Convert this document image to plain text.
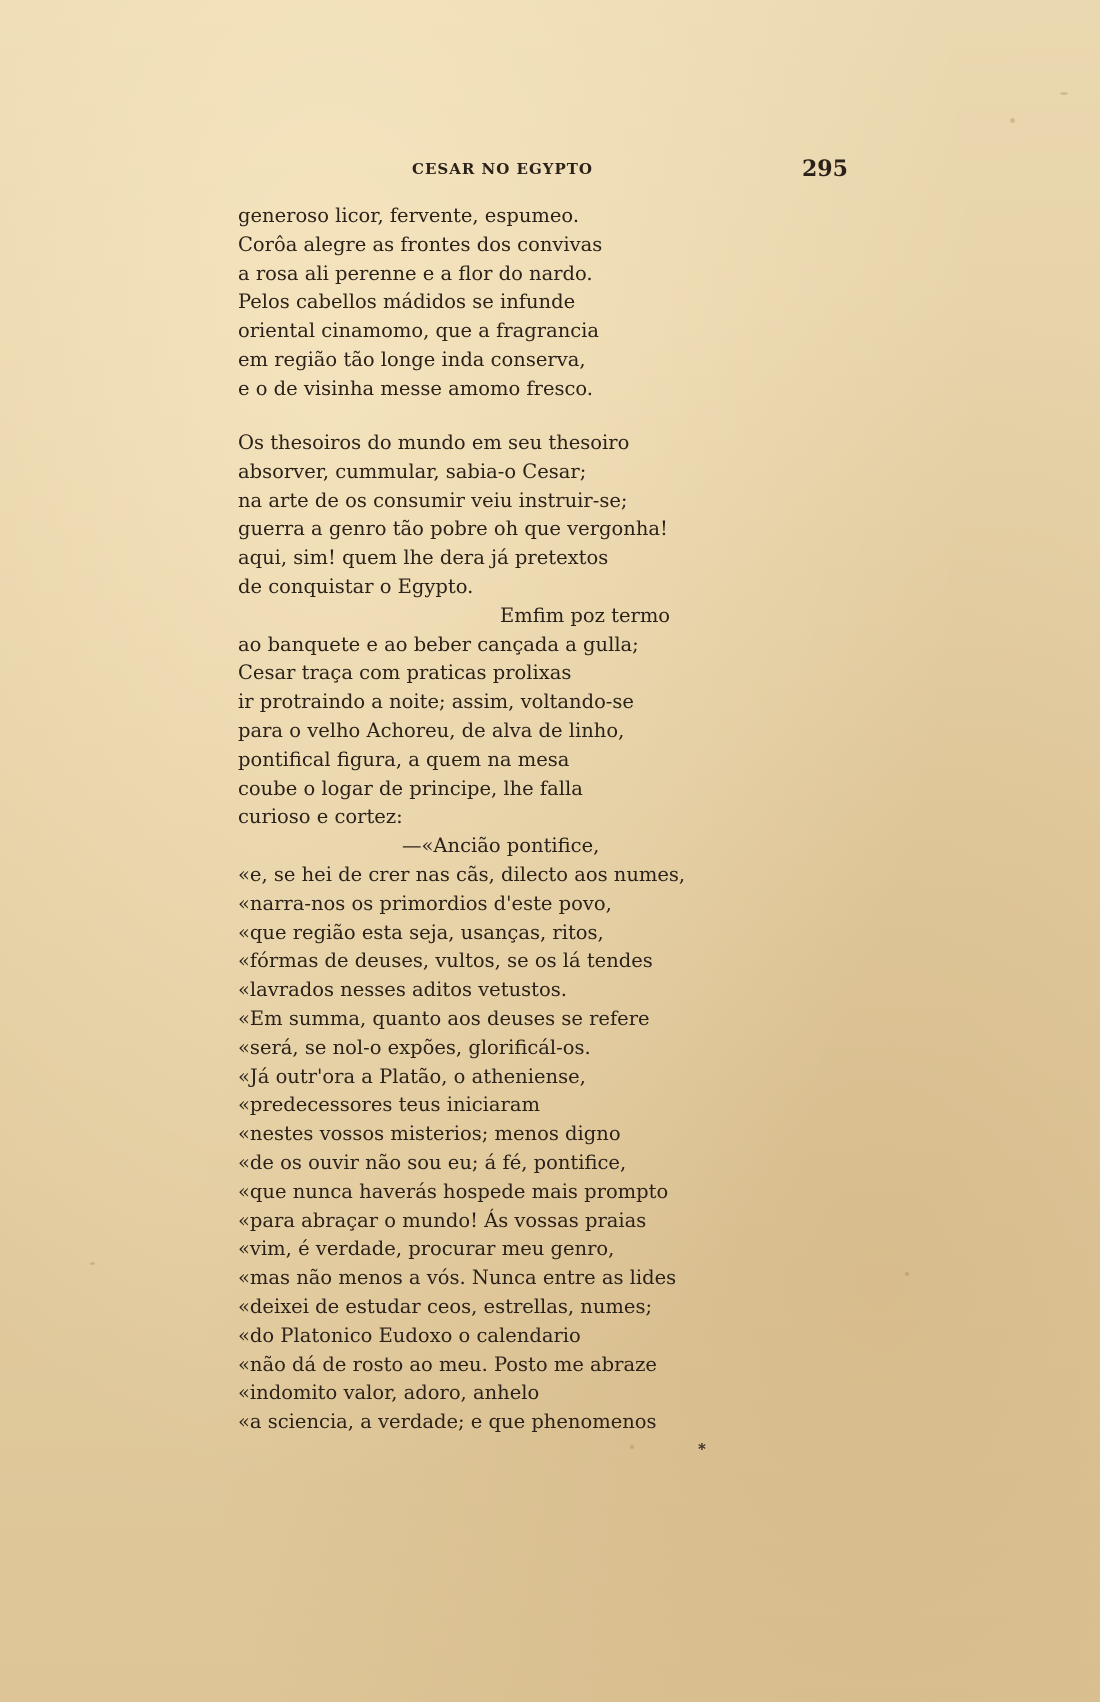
CESAR NO EGYPTO	295
generoso licor, fervente, espumeo.
Corôa alegre as frontes dos convivas
a rosa ali perenne e a flor do nardo.
Pelos cabellos mádidos se infunde
oriental cinamomo, que a fragrancia
em região tão longe inda conserva,
e o de visinha messe amomo fresco.
Os thesoiros do mundo em seu thesoiro
absorver, cummular, sabia-o Cesar;
na arte de os consumir veiu instruir-se;
guerra a genro tão pobre oh que vergonha!
aqui, sim! quem lhe dera já pretextos
de conquistar o Egypto.
Emfim poz termo
ao banquete e ao beber cançada a gulla;
Cesar traça com praticas prolixas
ir protraindo a noite; assim, voltando-se
para o velho Achoreu, de alva de linho,
pontifical figura, a quem na mesa
coube o logar de principe, lhe falla
curioso e cortez:
—«Ancião pontifice,
«e, se hei de crer nas cãs, dilecto aos numes,
«narra-nos os primordios d'este povo,
«que região esta seja, usanças, ritos,
«fórmas de deuses, vultos, se os lá tendes
«lavrados nesses aditos vetustos.
«Em summa, quanto aos deuses se refere
«será, se nol-o expões, glorificál-os.
«Já outr'ora a Platão, o atheniense,
«predecessores teus iniciaram
«nestes vossos misterios; menos digno
«de os ouvir não sou eu; á fé, pontifice,
«que nunca haverás hospede mais prompto
«para abraçar o mundo! Ás vossas praias
«vim, é verdade, procurar meu genro,
«mas não menos a vós. Nunca entre as lides
«deixei de estudar ceos, estrellas, numes;
«do Platonico Eudoxo o calendario
«não dá de rosto ao meu. Posto me abraze
«indomito valor, adoro, anhelo
«a sciencia, a verdade; e que phenomenos
*
